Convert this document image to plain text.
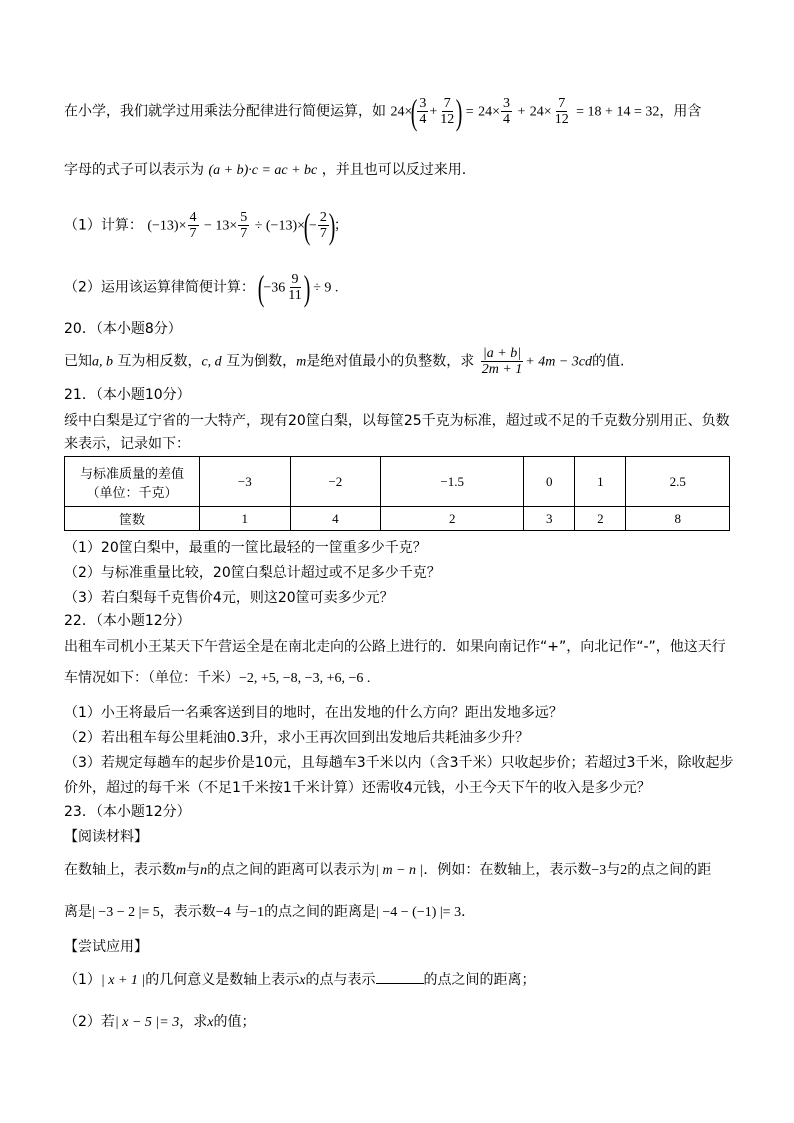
在小学，我们就学过用乘法分配律进行简便运算，如 $24\times( \frac{3}{4} + \frac{7}{12}$ ) = $24\times \frac{3}{4} + 24\times \frac{7}{12} = 18 + 14 = 32$，用含
字母的式子可以表示为 (a + b)·c = ac + bc ，并且也可以反过来用.
（1）计算： $(-13)\times \frac{4}{7} - 13\times \frac{5}{7} \div (-13)\times(- \frac{2}{7}$ )；
（2）运用该运算律简便计算： ($-36 \frac{9}{11}$ ) ÷ 9 .
20．（本小题8分）
已知a, b 互为相反数，c, d 互为倒数，m是绝对值最小的负整数，求 $\frac{|a + b|}{2m + 1} + 4m - 3cd$的值.
21．（本小题10分）
绥中白梨是辽宁省的一大特产，现有20筐白梨，以每筐25千克为标准，超过或不足的千克数分别用正、负数
来表示，记录如下：
与标准质量的差值
（单位：千克）	−3	−2	−1.5	0	1	2.5
筐数	1	4	2	3	2	8
（1）20筐白梨中，最重的一筐比最轻的一筐重多少千克？
（2）与标准重量比较，20筐白梨总计超过或不足多少千克？
（3）若白梨每千克售价4元，则这20筐可卖多少元？
22．（本小题12分）
出租车司机小王某天下午营运全是在南北走向的公路上进行的．如果向南记作“+”，向北记作“-”，他这天行
车情况如下：（单位：千米）−2, +5, −8, −3, +6, −6 .
（1）小王将最后一名乘客送到目的地时，在出发地的什么方向？距出发地多远？
（2）若出租车每公里耗油0.3升，求小王再次回到出发地后共耗油多少升？
（3）若规定每趟车的起步价是10元，且每趟车3千米以内（含3千米）只收起步价；若超过3千米，除收起步
价外，超过的每千米（不足1千米按1千米计算）还需收4元钱，小王今天下午的收入是多少元？
23．（本小题12分）
【阅读材料】
在数轴上，表示数m与n的点之间的距离可以表示为| m − n |．例如：在数轴上，表示数−3与2的点之间的距
离是| −3 − 2 |= 5，表示数−4 与−1的点之间的距离是| −4 − (−1) |= 3．
【尝试应用】
（1）| x + 1 |的几何意义是数轴上表示x的点与表示	的点之间的距离；
（2）若| x − 5 |= 3，求x的值；
